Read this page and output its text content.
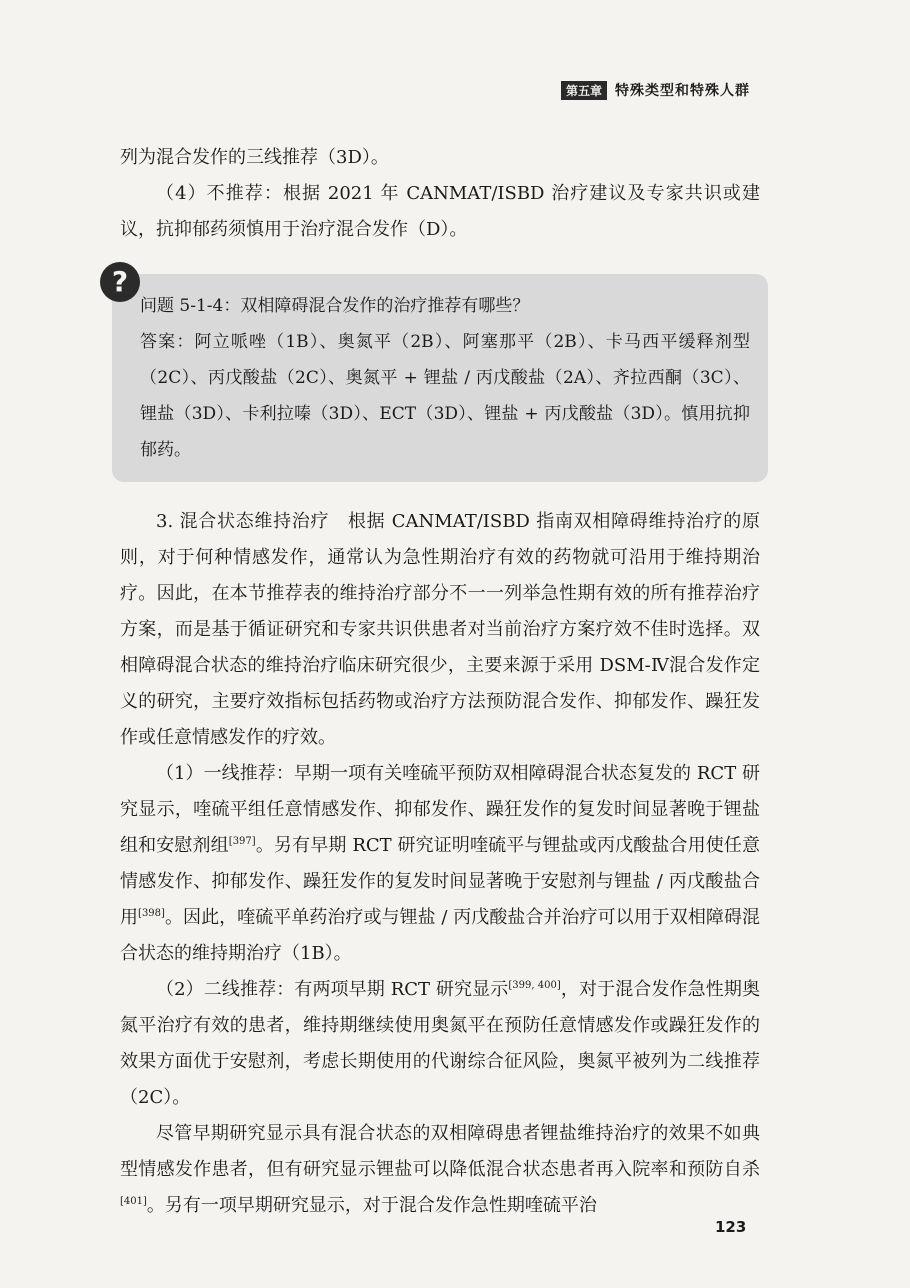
第五章 特殊类型和特殊人群

列为混合发作的三线推荐（3D）。

（4）不推荐：根据 2021 年 CANMAT/ISBD 治疗建议及专家共识或建议，抗抑郁药须慎用于治疗混合发作（D）。

?

问题 5-1-4：双相障碍混合发作的治疗推荐有哪些？

答案：阿立哌唑（1B）、奥氮平（2B）、阿塞那平（2B）、卡马西平缓释剂型（2C）、丙戊酸盐（2C）、奥氮平 + 锂盐 / 丙戊酸盐（2A）、齐拉西酮（3C）、锂盐（3D）、卡利拉嗪（3D）、ECT（3D）、锂盐 + 丙戊酸盐（3D）。慎用抗抑郁药。

3. 混合状态维持治疗　根据 CANMAT/ISBD 指南双相障碍维持治疗的原则，对于何种情感发作，通常认为急性期治疗有效的药物就可沿用于维持期治疗。因此，在本节推荐表的维持治疗部分不一一列举急性期有效的所有推荐治疗方案，而是基于循证研究和专家共识供患者对当前治疗方案疗效不佳时选择。双相障碍混合状态的维持治疗临床研究很少，主要来源于采用 DSM-Ⅳ混合发作定义的研究，主要疗效指标包括药物或治疗方法预防混合发作、抑郁发作、躁狂发作或任意情感发作的疗效。

（1）一线推荐：早期一项有关喹硫平预防双相障碍混合状态复发的 RCT 研究显示，喹硫平组任意情感发作、抑郁发作、躁狂发作的复发时间显著晚于锂盐组和安慰剂组[397]。另有早期 RCT 研究证明喹硫平与锂盐或丙戊酸盐合用使任意情感发作、抑郁发作、躁狂发作的复发时间显著晚于安慰剂与锂盐 / 丙戊酸盐合用[398]。因此，喹硫平单药治疗或与锂盐 / 丙戊酸盐合并治疗可以用于双相障碍混合状态的维持期治疗（1B）。

（2）二线推荐：有两项早期 RCT 研究显示[399, 400]，对于混合发作急性期奥氮平治疗有效的患者，维持期继续使用奥氮平在预防任意情感发作或躁狂发作的效果方面优于安慰剂，考虑长期使用的代谢综合征风险，奥氮平被列为二线推荐（2C）。

尽管早期研究显示具有混合状态的双相障碍患者锂盐维持治疗的效果不如典型情感发作患者，但有研究显示锂盐可以降低混合状态患者再入院率和预防自杀[401]。另有一项早期研究显示，对于混合发作急性期喹硫平治

123
